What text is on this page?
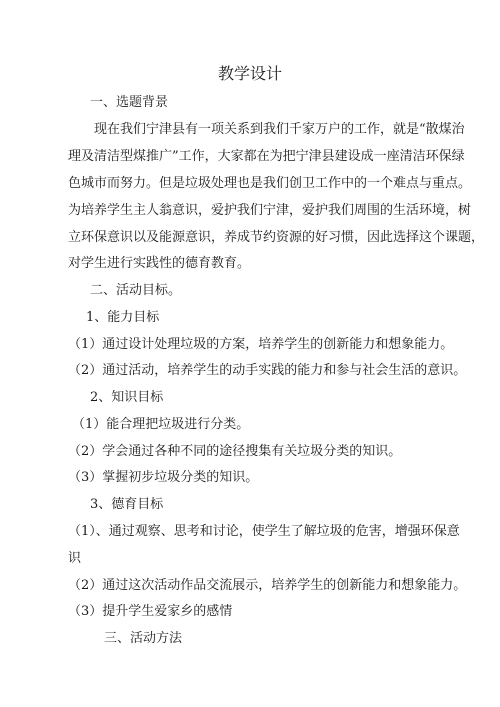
教学设计
一、选题背景
现在我们宁津县有一项关系到我们千家万户的工作，就是“散煤治
理及清洁型煤推广”工作，大家都在为把宁津县建设成一座清洁环保绿
色城市而努力。但是垃圾处理也是我们创卫工作中的一个难点与重点。
为培养学生主人翁意识，爱护我们宁津，爱护我们周围的生活环境，树
立环保意识以及能源意识，养成节约资源的好习惯，因此选择这个课题，
对学生进行实践性的德育教育。
二、活动目标。
1、能力目标
（1）通过设计处理垃圾的方案，培养学生的创新能力和想象能力。
（2）通过活动，培养学生的动手实践的能力和参与社会生活的意识。
2、知识目标
（1）能合理把垃圾进行分类。
（2）学会通过各种不同的途径搜集有关垃圾分类的知识。
（3）掌握初步垃圾分类的知识。
3、德育目标
（1）、通过观察、思考和讨论，使学生了解垃圾的危害，增强环保意
识
（2）通过这次活动作品交流展示，培养学生的创新能力和想象能力。
（3）提升学生爱家乡的感情
三、活动方法
